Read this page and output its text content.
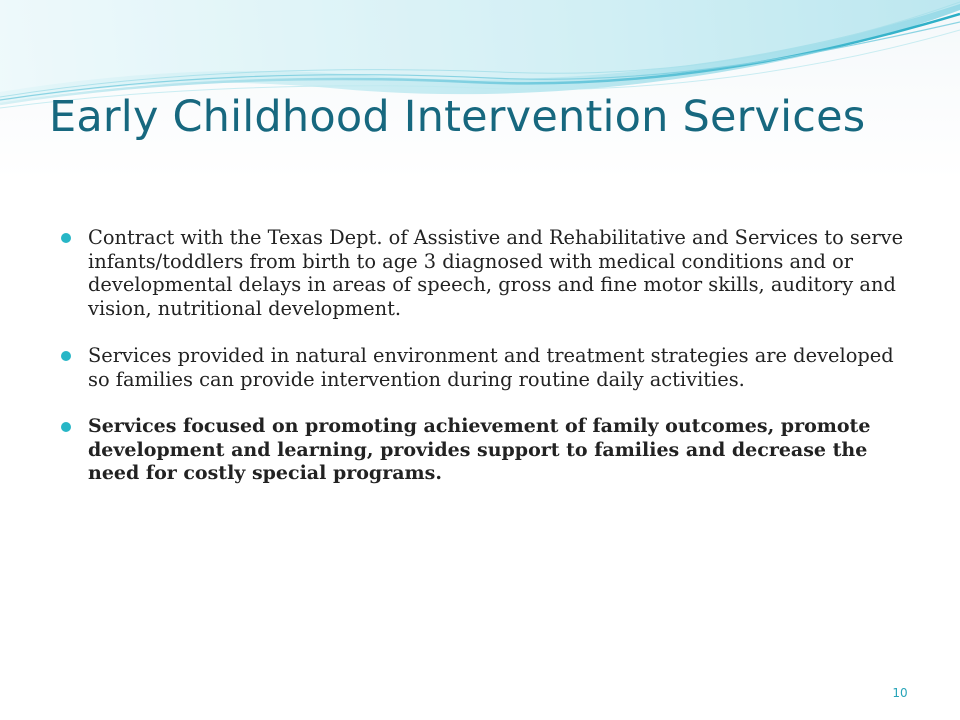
Early Childhood Intervention Services
Contract with the Texas Dept. of Assistive and Rehabilitative and Services to serve infants/toddlers from birth to age 3 diagnosed with medical conditions and or developmental delays in areas of speech, gross and fine motor skills, auditory and vision, nutritional development.
Services provided in natural environment and treatment strategies are developed so families can provide intervention during routine daily activities.
Services focused on promoting achievement of family outcomes, promote development and learning, provides support to families and decrease the need for costly special programs.
10
